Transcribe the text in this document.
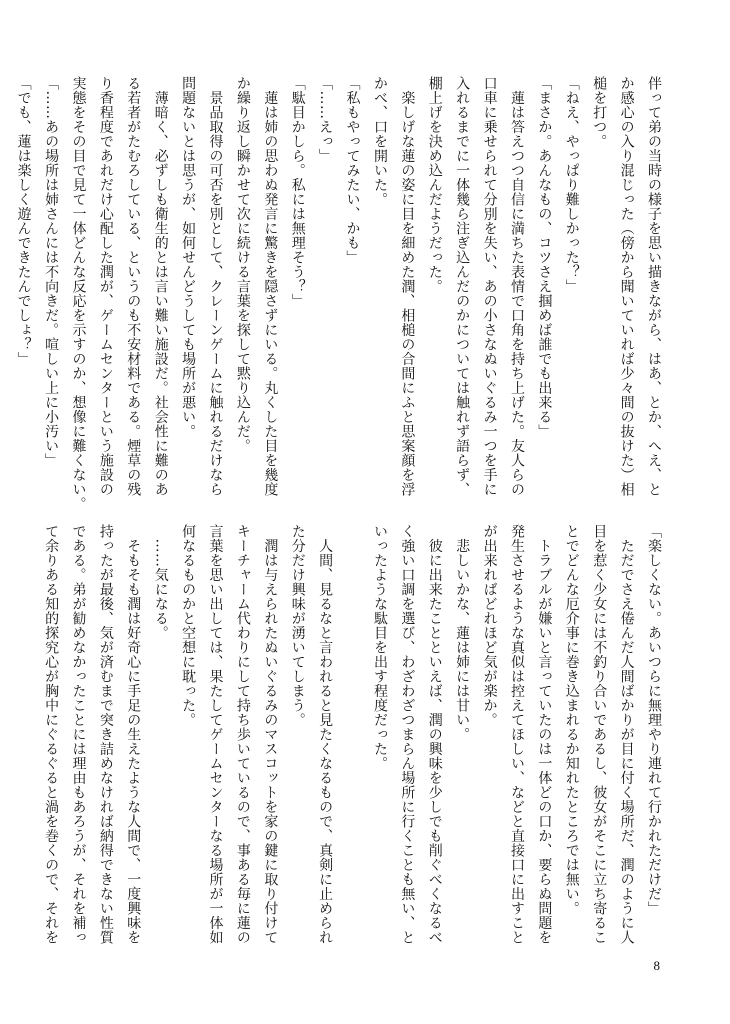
伴って弟の当時の様子を思い描きながら、はあ、とか、へえ、と
か感心の入り混じった（傍から聞いていれば少々間の抜けた）相
槌を打つ。
「ねえ、やっぱり難しかった？」
「まさか。あんなもの、コツさえ掴めば誰でも出来る」
　蓮は答えつつ自信に満ちた表情で口角を持ち上げた。友人らの
口車に乗せられて分別を失い、あの小さなぬいぐるみ一つを手に
入れるまでに一体幾ら注ぎ込んだのかについては触れず語らず、
棚上げを決め込んだようだった。
　楽しげな蓮の姿に目を細めた潤、相槌の合間にふと思案顔を浮
かべ、口を開いた。
「私もやってみたい、かも」
「……えっ」
「駄目かしら。私には無理そう？」
　蓮は姉の思わぬ発言に驚きを隠さずにいる。丸くした目を幾度
か繰り返し瞬かせて次に続ける言葉を探して黙り込んだ。
　景品取得の可否を別として、クレーンゲームに触れるだけなら
問題ないとは思うが、如何せんどうしても場所が悪い。
　薄暗く、必ずしも衛生的とは言い難い施設だ。社会性に難のあ
る若者がたむろしている、というのも不安材料である。煙草の残
り香程度であれだけ心配した潤が、ゲームセンターという施設の
実態をその目で見て一体どんな反応を示すのか、想像に難くない。
「……あの場所は姉さんには不向きだ。喧しい上に小汚い」
「でも、蓮は楽しく遊んできたんでしょ？」
「楽しくない。あいつらに無理やり連れて行かれただけだ」
　ただでさえ倦んだ人間ばかりが目に付く場所だ、潤のように人
目を惹く少女には不釣り合いであるし、彼女がそこに立ち寄るこ
とでどんな厄介事に巻き込まれるか知れたところでは無い。
　トラブルが嫌いと言っていたのは一体どの口か、要らぬ問題を
発生させるような真似は控えてほしい、などと直接口に出すこと
が出来ればどれほど気が楽か。
　悲しいかな、蓮は姉には甘い。
　彼に出来たことといえば、潤の興味を少しでも削ぐべくなるべ
く強い口調を選び、わざわざつまらん場所に行くことも無い、と
いったような駄目を出す程度だった。

　人間、見るなと言われると見たくなるもので、真剣に止められ
た分だけ興味が湧いてしまう。
　潤は与えられたぬいぐるみのマスコットを家の鍵に取り付けて
キーチャーム代わりにして持ち歩いているので、事ある毎に蓮の
言葉を思い出しては、果たしてゲームセンターなる場所が一体如
何なるものかと空想に耽った。
　……気になる。
　そもそも潤は好奇心に手足の生えたような人間で、一度興味を
持ったが最後、気が済むまで突き詰めなければ納得できない性質
である。弟が勧めなかったことには理由もあろうが、それを補っ
て余りある知的探究心が胸中にぐるぐると渦を巻くので、それを
8
